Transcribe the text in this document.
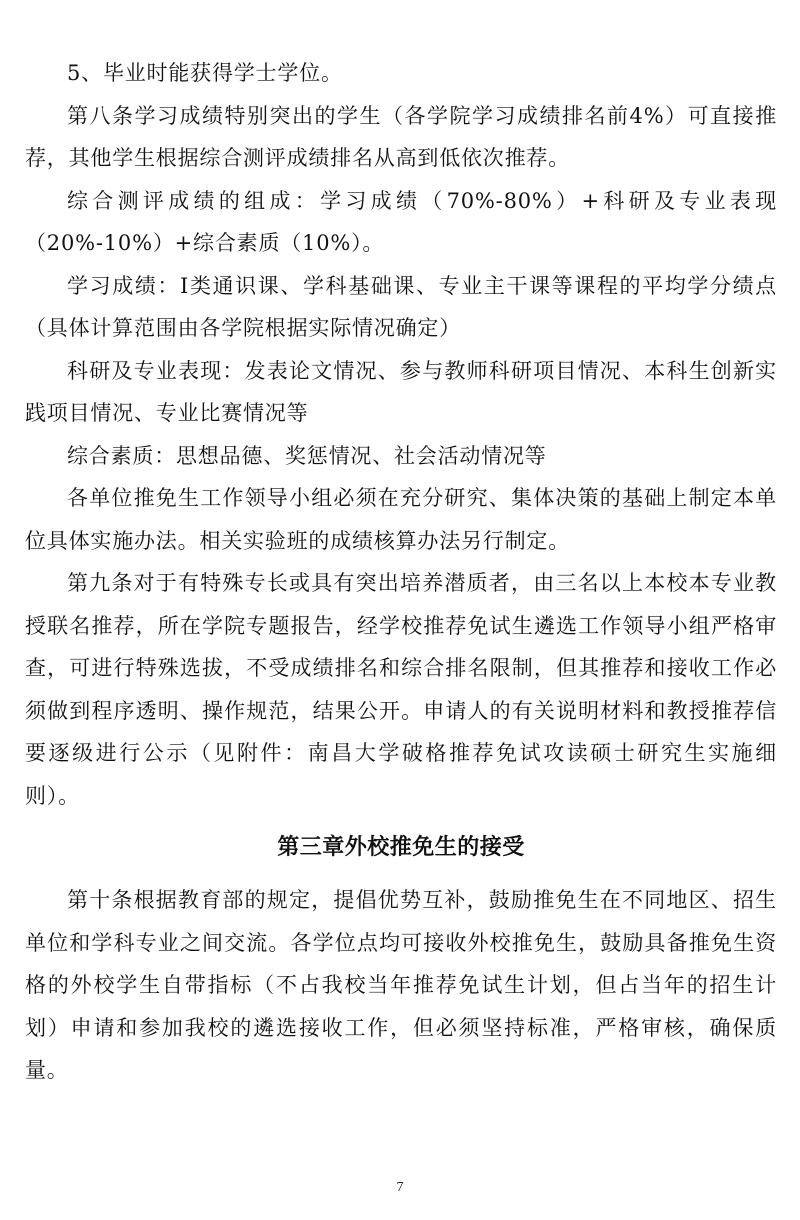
5、毕业时能获得学士学位。

第八条学习成绩特别突出的学生（各学院学习成绩排名前4%）可直接推荐，其他学生根据综合测评成绩排名从高到低依次推荐。

综合测评成绩的组成：学习成绩（70%-80%）+科研及专业表现（20%-10%）+综合素质（10%）。

学习成绩：Ⅰ类通识课、学科基础课、专业主干课等课程的平均学分绩点（具体计算范围由各学院根据实际情况确定）

科研及专业表现：发表论文情况、参与教师科研项目情况、本科生创新实践项目情况、专业比赛情况等

综合素质：思想品德、奖惩情况、社会活动情况等

各单位推免生工作领导小组必须在充分研究、集体决策的基础上制定本单位具体实施办法。相关实验班的成绩核算办法另行制定。

第九条对于有特殊专长或具有突出培养潜质者，由三名以上本校本专业教授联名推荐，所在学院专题报告，经学校推荐免试生遴选工作领导小组严格审查，可进行特殊选拔，不受成绩排名和综合排名限制，但其推荐和接收工作必须做到程序透明、操作规范，结果公开。申请人的有关说明材料和教授推荐信要逐级进行公示（见附件：南昌大学破格推荐免试攻读硕士研究生实施细则）。

第三章外校推免生的接受

第十条根据教育部的规定，提倡优势互补，鼓励推免生在不同地区、招生单位和学科专业之间交流。各学位点均可接收外校推免生，鼓励具备推免生资格的外校学生自带指标（不占我校当年推荐免试生计划，但占当年的招生计划）申请和参加我校的遴选接收工作，但必须坚持标准，严格审核，确保质量。

7
